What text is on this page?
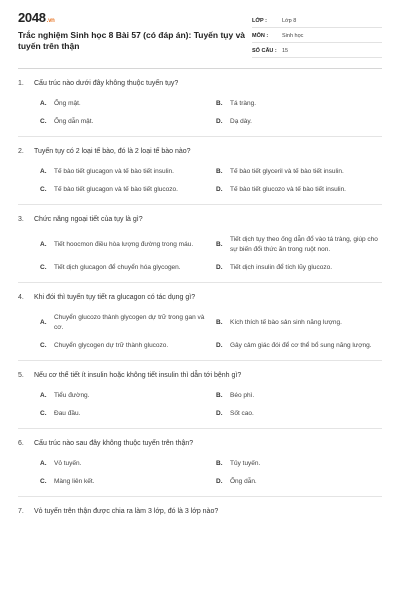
2048.vn
Trắc nghiệm Sinh học 8 Bài 57 (có đáp án): Tuyến tụy và tuyến trên thận
LỚP :	Lớp 8
MÔN :	Sinh học
SỐ CÂU : 15
1.	Cấu trúc nào dưới đây không thuộc tuyến tụy?
A.	Ống mật.	B.	Tá tràng.
C.	Ống dẫn mật.	D.	Dạ dày.
2.	Tuyến tụy có 2 loại tế bào, đó là 2 loại tế bào nào?
A.	Tế bào tiết glucagon và tế bào tiết insulin.	B.	Tế bào tiết glyceril và tế bào tiết insulin.
C.	Tế bào tiết glucagon và tế bào tiết glucozo.	D.	Tế bào tiết glucozo và tế bào tiết insulin.
3.	Chức năng ngoại tiết của tụy là gì?
A.	Tiết hoocmon điều hòa lượng đường trong máu.	B.
Tiết dịch tụy theo ống dẫn đổ vào tá tràng, giúp cho sự biến đổi thức ăn trong ruột non.
C.	Tiết dịch glucagon để chuyển hóa glycogen.	D.	Tiết dịch insulin để tích lũy glucozo.
4.	Khi đói thì tuyến tụy tiết ra glucagon có tác dụng gì?
A.
Chuyển glucozo thành glycogen dự trữ trong gan và cơ.
B.	Kích thích tế bào sản sinh năng lượng.
C.	Chuyển glycogen dự trữ thành glucozo.	D.	Gây cảm giác đói để cơ thể bổ sung năng lượng.
5.	Nếu cơ thể tiết ít insulin hoặc không tiết insulin thì dẫn tới bệnh gì?
A.	Tiểu đường.	B.	Béo phì.
C.	Đau đầu.	D.	Sốt cao.
6.	Cấu trúc nào sau đây không thuộc tuyến trên thận?
A.	Vỏ tuyến.	B.	Tủy tuyến.
C.	Màng liên kết.	D.	Ống dẫn.
7.	Vỏ tuyến trên thận được chia ra làm 3 lớp, đó là 3 lớp nào?
